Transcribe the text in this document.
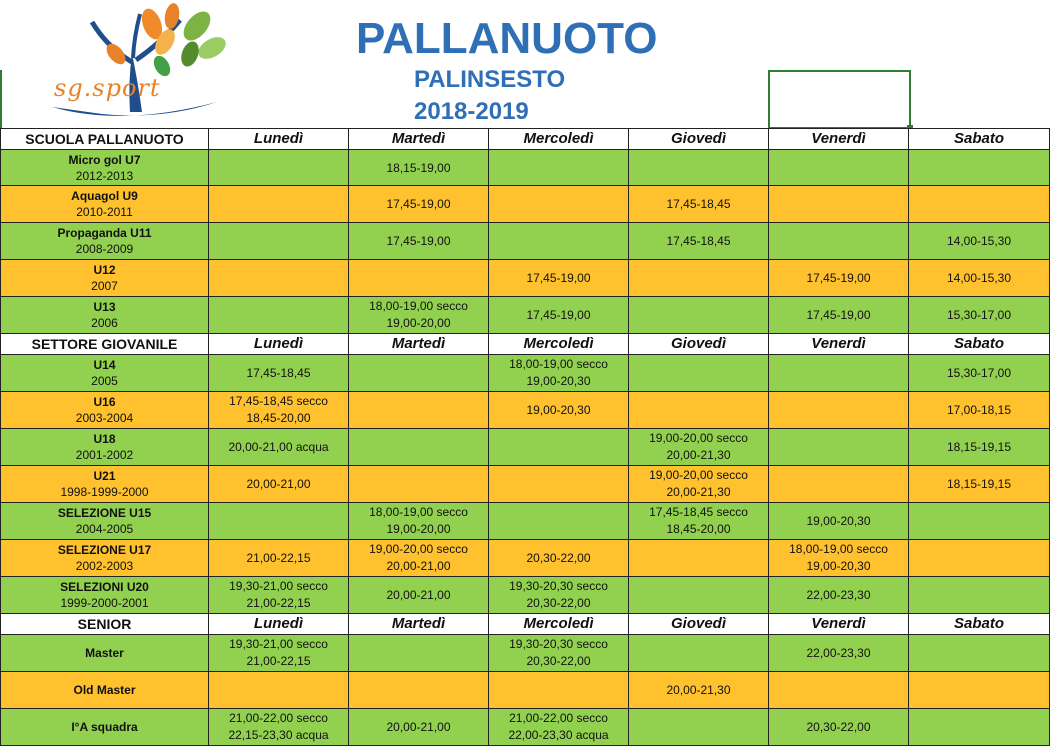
sg.sport
PALLANUOTO
PALINSESTO
2018-2019
SCUOLA PALLANUOTO	Lunedì	Martedì	Mercoledì	Giovedì	Venerdì	Sabato

Micro gol U7
2012-2013		18,15-19,00				

Aquagol U9
2010-2011		17,45-19,00		17,45-18,45		

Propaganda U11
2008-2009		17,45-19,00		17,45-18,45		14,00-15,30

U12
2007			17,45-19,00		17,45-19,00	14,00-15,30

U13
2006		18,00-19,00 secco
19,00-20,00	17,45-19,00		17,45-19,00	15,30-17,00

SETTORE GIOVANILE	Lunedì	Martedì	Mercoledì	Giovedì	Venerdì	Sabato

U14
2005	17,45-18,45		18,00-19,00 secco
19,00-20,30			15,30-17,00

U16
2003-2004	17,45-18,45 secco
18,45-20,00		19,00-20,30			17,00-18,15

U18
2001-2002	20,00-21,00 acqua			19,00-20,00 secco
20,00-21,30		18,15-19,15

U21
1998-1999-2000	20,00-21,00			19,00-20,00 secco
20,00-21,30		18,15-19,15

SELEZIONE U15
2004-2005		18,00-19,00 secco
19,00-20,00		17,45-18,45 secco
18,45-20,00	19,00-20,30	

SELEZIONE U17
2002-2003	21,00-22,15	19,00-20,00 secco
20,00-21,00	20,30-22,00		18,00-19,00 secco
19,00-20,30	

SELEZIONI U20
1999-2000-2001	19,30-21,00 secco
21,00-22,15	20,00-21,00	19,30-20,30 secco
20,30-22,00		22,00-23,30	

SENIOR	Lunedì	Martedì	Mercoledì	Giovedì	Venerdì	Sabato

Master	19,30-21,00 secco
21,00-22,15		19,30-20,30 secco
20,30-22,00		22,00-23,30	

Old Master				20,00-21,30		

I°A squadra	21,00-22,00 secco
22,15-23,30 acqua	20,00-21,00	21,00-22,00 secco
22,00-23,30 acqua		20,30-22,00	
